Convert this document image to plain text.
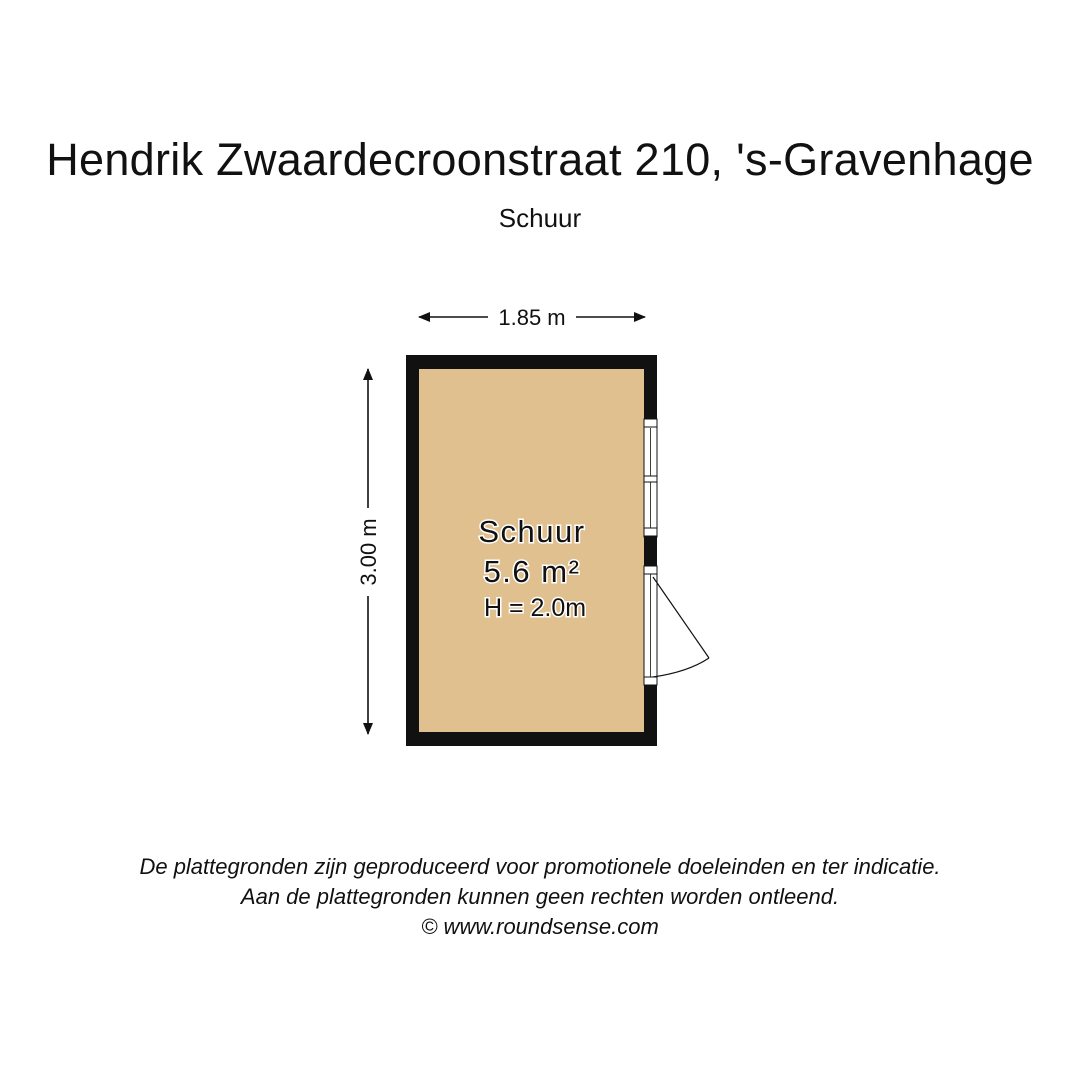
Hendrik Zwaardecroonstraat 210, 's-Gravenhage
Schuur
1.85 m
3.00 m	Schuur
5.6 m²
H = 2.0m
De plattegronden zijn geproduceerd voor promotionele doeleinden en ter indicatie.
Aan de plattegronden kunnen geen rechten worden ontleend.
© www.roundsense.com
